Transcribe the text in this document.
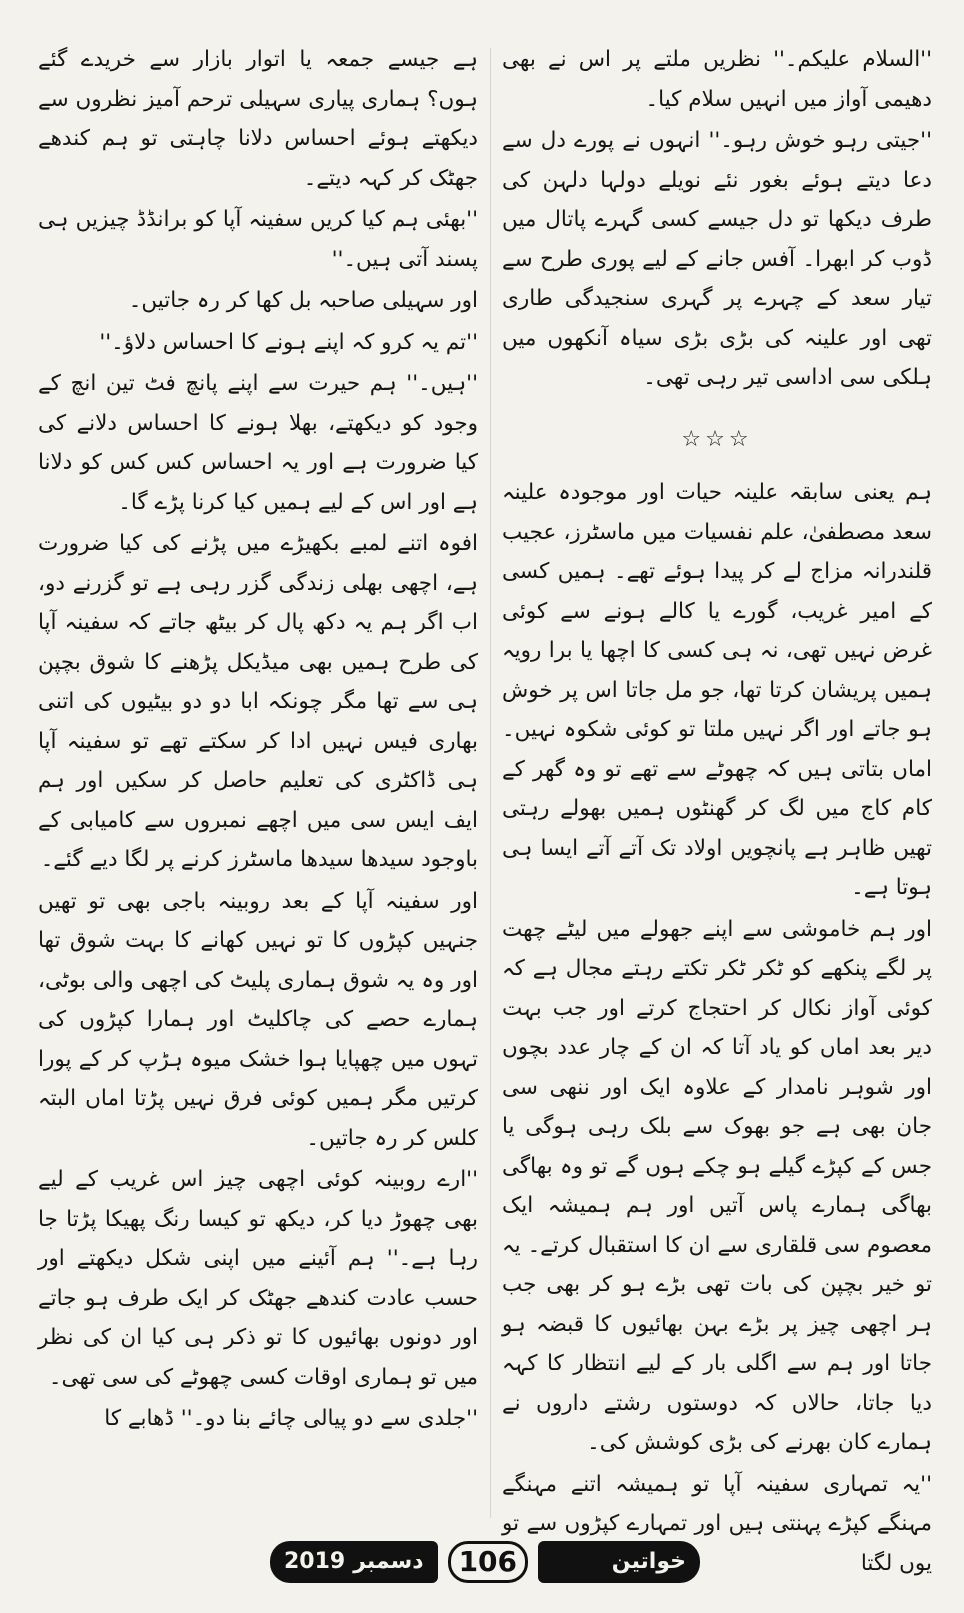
''السلام علیکم۔'' نظریں ملتے پر اس نے بھی دھیمی آواز میں انہیں سلام کیا۔

''جیتی رہو خوش رہو۔'' انہوں نے پورے دل سے دعا دیتے ہوئے بغور نئے نویلے دولہا دلہن کی طرف دیکھا تو دل جیسے کسی گہرے پاتال میں ڈوب کر ابھرا۔ آفس جانے کے لیے پوری طرح سے تیار سعد کے چہرے پر گہری سنجیدگی طاری تھی اور علینہ کی بڑی بڑی سیاہ آنکھوں میں ہلکی سی اداسی تیر رہی تھی۔

☆☆☆

ہم یعنی سابقہ علینہ حیات اور موجودہ علینہ سعد مصطفیٰ، علم نفسیات میں ماسٹرز، عجیب قلندرانہ مزاج لے کر پیدا ہوئے تھے۔ ہمیں کسی کے امیر غریب، گورے یا کالے ہونے سے کوئی غرض نہیں تھی، نہ ہی کسی کا اچھا یا برا رویہ ہمیں پریشان کرتا تھا، جو مل جاتا اس پر خوش ہو جاتے اور اگر نہیں ملتا تو کوئی شکوہ نہیں۔ اماں بتاتی ہیں کہ چھوٹے سے تھے تو وہ گھر کے کام کاج میں لگ کر گھنٹوں ہمیں بھولے رہتی تھیں ظاہر ہے پانچویں اولاد تک آتے آتے ایسا ہی ہوتا ہے۔

اور ہم خاموشی سے اپنے جھولے میں لیٹے چھت پر لگے پنکھے کو ٹکر ٹکر تکتے رہتے مجال ہے کہ کوئی آواز نکال کر احتجاج کرتے اور جب بہت دیر بعد اماں کو یاد آتا کہ ان کے چار عدد بچوں اور شوہر نامدار کے علاوہ ایک اور ننھی سی جان بھی ہے جو بھوک سے بلک رہی ہوگی یا جس کے کپڑے گیلے ہو چکے ہوں گے تو وہ بھاگی بھاگی ہمارے پاس آتیں اور ہم ہمیشہ ایک معصوم سی قلقاری سے ان کا استقبال کرتے۔ یہ تو خیر بچپن کی بات تھی بڑے ہو کر بھی جب ہر اچھی چیز پر بڑے بہن بھائیوں کا قبضہ ہو جاتا اور ہم سے اگلی بار کے لیے انتظار کا کہہ دیا جاتا، حالاں کہ دوستوں رشتے داروں نے ہمارے کان بھرنے کی بڑی کوشش کی۔

''یہ تمہاری سفینہ آپا تو ہمیشہ اتنے مہنگے مہنگے کپڑے پہنتی ہیں اور تمہارے کپڑوں سے تو یوں لگتا

ہے جیسے جمعہ یا اتوار بازار سے خریدے گئے ہوں؟ ہماری پیاری سہیلی ترحم آمیز نظروں سے دیکھتے ہوئے احساس دلانا چاہتی تو ہم کندھے جھٹک کر کہہ دیتے۔

''بھئی ہم کیا کریں سفینہ آپا کو برانڈڈ چیزیں ہی پسند آتی ہیں۔''

اور سہیلی صاحبہ بل کھا کر رہ جاتیں۔

''تم یہ کرو کہ اپنے ہونے کا احساس دلاؤ۔''

''ہیں۔'' ہم حیرت سے اپنے پانچ فٹ تین انچ کے وجود کو دیکھتے، بھلا ہونے کا احساس دلانے کی کیا ضرورت ہے اور یہ احساس کس کس کو دلانا ہے اور اس کے لیے ہمیں کیا کرنا پڑے گا۔

افوہ اتنے لمبے بکھیڑے میں پڑنے کی کیا ضرورت ہے، اچھی بھلی زندگی گزر رہی ہے تو گزرنے دو، اب اگر ہم یہ دکھ پال کر بیٹھ جاتے کہ سفینہ آپا کی طرح ہمیں بھی میڈیکل پڑھنے کا شوق بچپن ہی سے تھا مگر چونکہ ابا دو دو بیٹیوں کی اتنی بھاری فیس نہیں ادا کر سکتے تھے تو سفینہ آپا ہی ڈاکٹری کی تعلیم حاصل کر سکیں اور ہم ایف ایس سی میں اچھے نمبروں سے کامیابی کے باوجود سیدھا سیدھا ماسٹرز کرنے پر لگا دیے گئے۔

اور سفینہ آپا کے بعد روبینہ باجی بھی تو تھیں جنہیں کپڑوں کا تو نہیں کھانے کا بہت شوق تھا اور وہ یہ شوق ہماری پلیٹ کی اچھی والی بوٹی، ہمارے حصے کی چاکلیٹ اور ہمارا کپڑوں کی تہوں میں چھپایا ہوا خشک میوہ ہڑپ کر کے پورا کرتیں مگر ہمیں کوئی فرق نہیں پڑتا اماں البتہ کلس کر رہ جاتیں۔

''ارے روبینہ کوئی اچھی چیز اس غریب کے لیے بھی چھوڑ دیا کر، دیکھ تو کیسا رنگ پھیکا پڑتا جا رہا ہے۔'' ہم آئینے میں اپنی شکل دیکھتے اور حسب عادت کندھے جھٹک کر ایک طرف ہو جاتے اور دونوں بھائیوں کا تو ذکر ہی کیا ان کی نظر میں تو ہماری اوقات کسی چھوٹے کی سی تھی۔

''جلدی سے دو پیالی چائے بنا دو۔'' ڈھابے کا

خواتین ڈائجسٹ
106
دسمبر
2019
